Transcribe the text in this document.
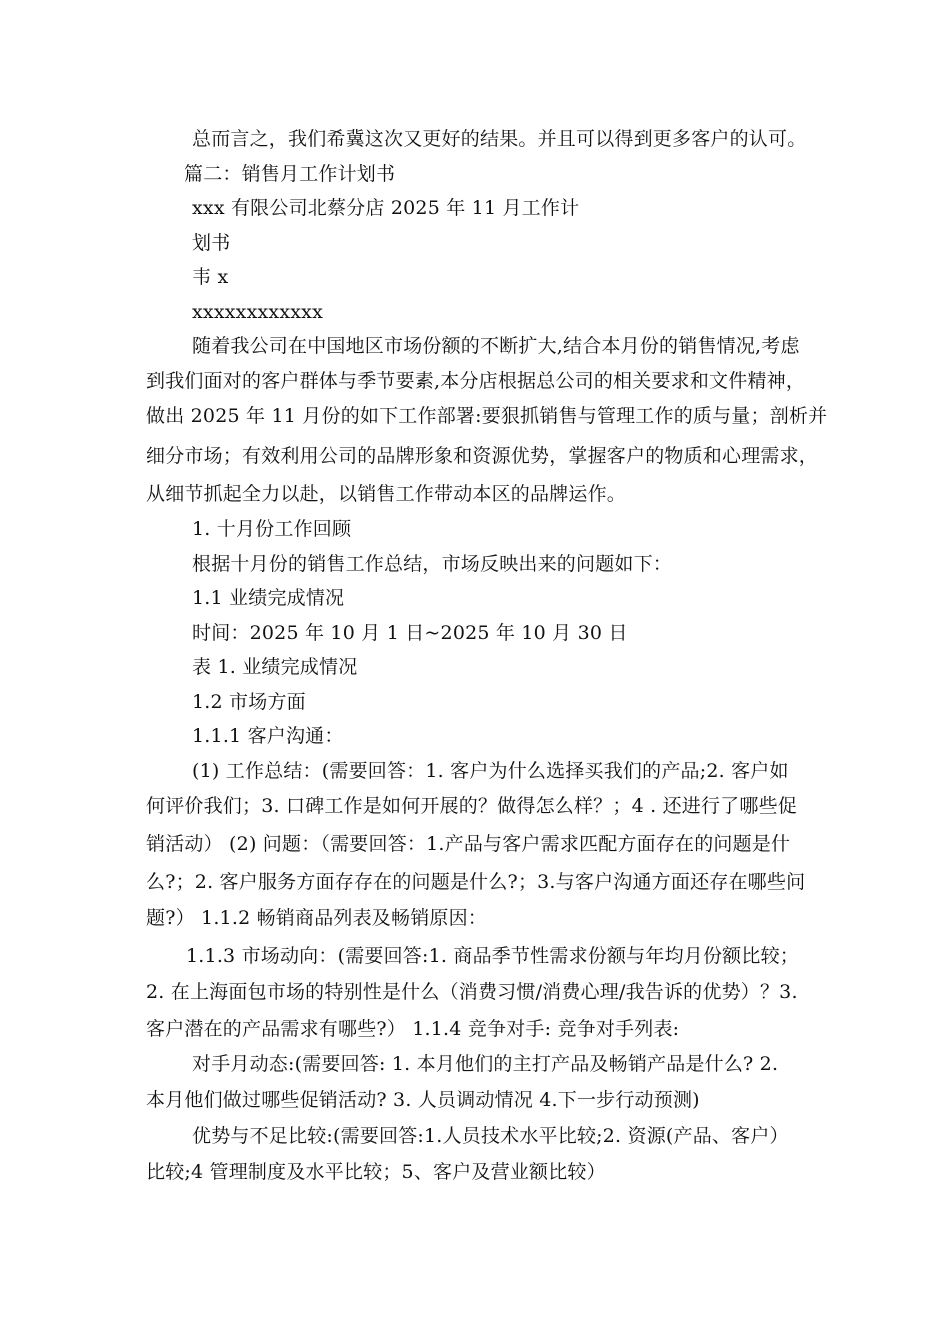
总而言之，我们希冀这次又更好的结果。并且可以得到更多客户的认可。
篇二：销售月工作计划书
xxx 有限公司北蔡分店 2025 年 11 月工作计
划书
韦 x
xxxxxxxxxxxx
随着我公司在中国地区市场份额的不断扩大,结合本月份的销售情况,考虑
到我们面对的客户群体与季节要素,本分店根据总公司的相关要求和文件精神，
做出 2025 年 11 月份的如下工作部署:要狠抓销售与管理工作的质与量；剖析并
细分市场；有效利用公司的品牌形象和资源优势，掌握客户的物质和心理需求，
从细节抓起全力以赴，以销售工作带动本区的品牌运作。
1. 十月份工作回顾
根据十月份的销售工作总结，市场反映出来的问题如下：
1.1 业绩完成情况
时间：2025 年 10 月 1 日~2025 年 10 月 30 日
表 1. 业绩完成情况
1.2 市场方面
1.1.1 客户沟通：
(1) 工作总结：(需要回答：1. 客户为什么选择买我们的产品;2. 客户如
何评价我们；3. 口碑工作是如何开展的？做得怎么样？；4 . 还进行了哪些促
销活动） (2) 问题：（需要回答：1.产品与客户需求匹配方面存在的问题是什
么?；2. 客户服务方面存存在的问题是什么?；3.与客户沟通方面还存在哪些问
题?） 1.1.2 畅销商品列表及畅销原因：
1.1.3 市场动向：(需要回答:1. 商品季节性需求份额与年均月份额比较；
2. 在上海面包市场的特别性是什么（消费习惯/消费心理/我告诉的优势）？3.
客户潜在的产品需求有哪些?） 1.1.4 竞争对手: 竞争对手列表:
对手月动态:(需要回答: 1. 本月他们的主打产品及畅销产品是什么? 2.
本月他们做过哪些促销活动? 3. 人员调动情况 4.下一步行动预测)
优势与不足比较:(需要回答:1.人员技术水平比较;2. 资源(产品、客户）
比较;4 管理制度及水平比较；5、客户及营业额比较）
